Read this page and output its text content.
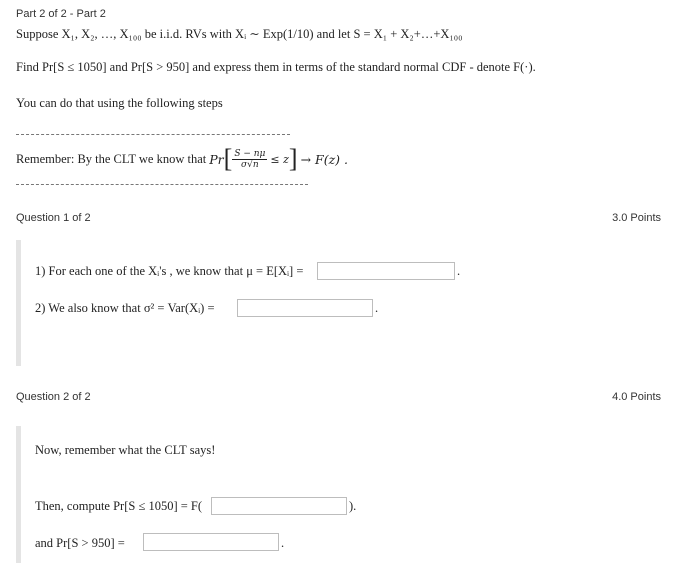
Part 2 of 2 - Part 2
Suppose X₁, X₂, …, X₁₀₀ be i.i.d. RVs with Xᵢ ∼ Exp(1/10) and let S = X₁ + X₂+…+X₁₀₀
Find Pr[S ≤ 1050] and Pr[S > 950] and express them in terms of the standard normal CDF - denote F(·).
You can do that using the following steps
Remember: By the CLT we know that Pr [ $\frac{S - n\mu}{\sigma√n} \le z$ ] → F(z) .
Question 1 of 2	3.0 Points
1) For each one of the Xᵢ's , we know that μ = E[Xᵢ] =	.
2) We also know that σ² = Var(Xᵢ) =	.
Question 2 of 2	4.0 Points
Now, remember what the CLT says!
Then, compute Pr[S ≤ 1050] = F(	).
and Pr[S > 950] =	.
